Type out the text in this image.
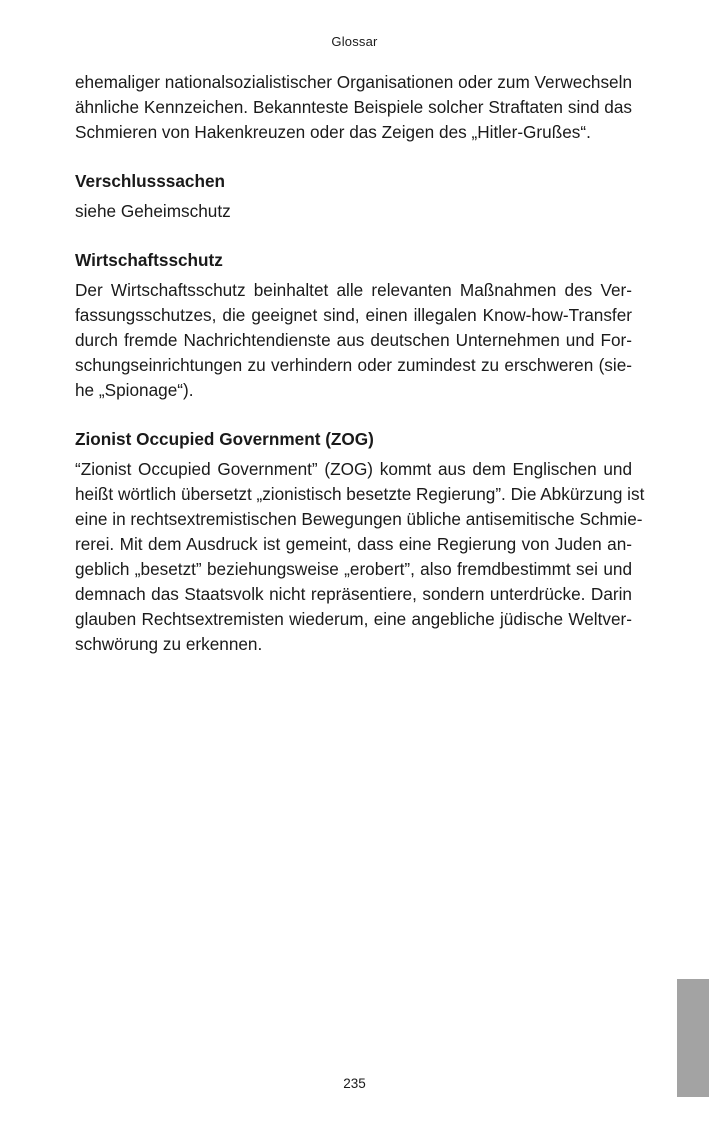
Glossar

ehemaliger nationalsozialistischer Organisationen oder zum Verwechseln
ähnliche Kennzeichen. Bekannteste Beispiele solcher Straftaten sind das
Schmieren von Hakenkreuzen oder das Zeigen des „Hitler-Grußes“.

Verschlusssachen

siehe Geheimschutz

Wirtschaftsschutz

Der Wirtschaftsschutz beinhaltet alle relevanten Maßnahmen des Ver-
fassungsschutzes, die geeignet sind, einen illegalen Know-how-Transfer
durch fremde Nachrichtendienste aus deutschen Unternehmen und For-
schungseinrichtungen zu verhindern oder zumindest zu erschweren (sie-
he „Spionage“).

Zionist Occupied Government (ZOG)

“Zionist Occupied Government” (ZOG) kommt aus dem Englischen und
heißt wörtlich übersetzt „zionistisch besetzte Regierung”. Die Abkürzung ist
eine in rechtsextremistischen Bewegungen übliche antisemitische Schmie-
rerei. Mit dem Ausdruck ist gemeint, dass eine Regierung von Juden an-
geblich „besetzt” beziehungsweise „erobert”, also fremdbestimmt sei und
demnach das Staatsvolk nicht repräsentiere, sondern unterdrücke. Darin
glauben Rechtsextremisten wiederum, eine angebliche jüdische Weltver-
schwörung zu erkennen.

235
